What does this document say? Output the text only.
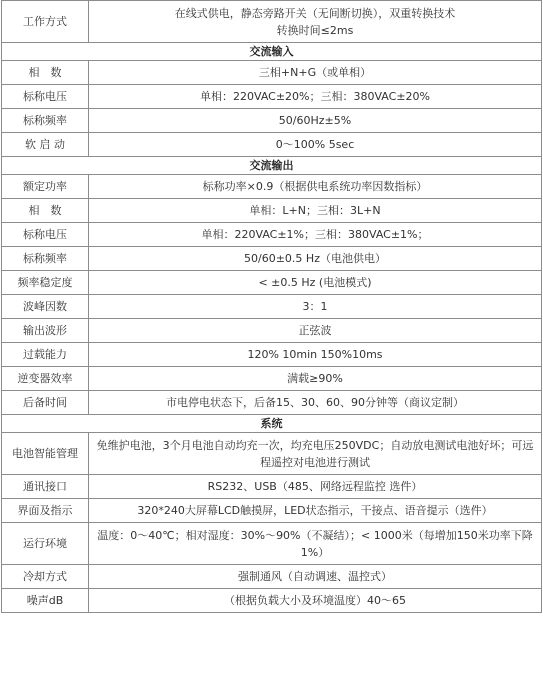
工作方式	在线式供电，静态旁路开关（无间断切换），双重转换技术
转换时间≤2ms

交流输入	
相　数	三相+N+G（或单相）
标称电压	单相：220VAC±20%；三相：380VAC±20%
标称频率	50/60Hz±5%
软 启 动	0～100% 5sec
交流输出	
额定功率	标称功率×0.9（根据供电系统功率因数指标）
相　数	单相：L+N；三相：3L+N
标称电压	单相：220VAC±1%；三相：380VAC±1%；
标称频率	50/60±0.5 Hz（电池供电）
频率稳定度	< ±0.5 Hz (电池模式)
波峰因数	3：1
输出波形	正弦波
过载能力	120% 10min 150%10ms
逆变器效率	满载≥90%
后备时间	市电停电状态下，后备15、30、60、90分钟等（商议定制）
系统	
电池智能管理	免维护电池，3个月电池自动均充一次，均充电压250VDC；自动放电测试电池好坏；可远
程遥控对电池进行测试

通讯接口	RS232、USB（485、网络远程监控 选件）
界面及指示	320*240大屏幕LCD触摸屏，LED状态指示，干接点、语音提示（选件）
运行环境	温度：0～40℃；相对湿度：30%～90%（不凝结）；< 1000米（每增加150米功率下降
1%）

冷却方式	强制通风（自动调速、温控式）
噪声dB	（根据负载大小及环境温度）40～65
